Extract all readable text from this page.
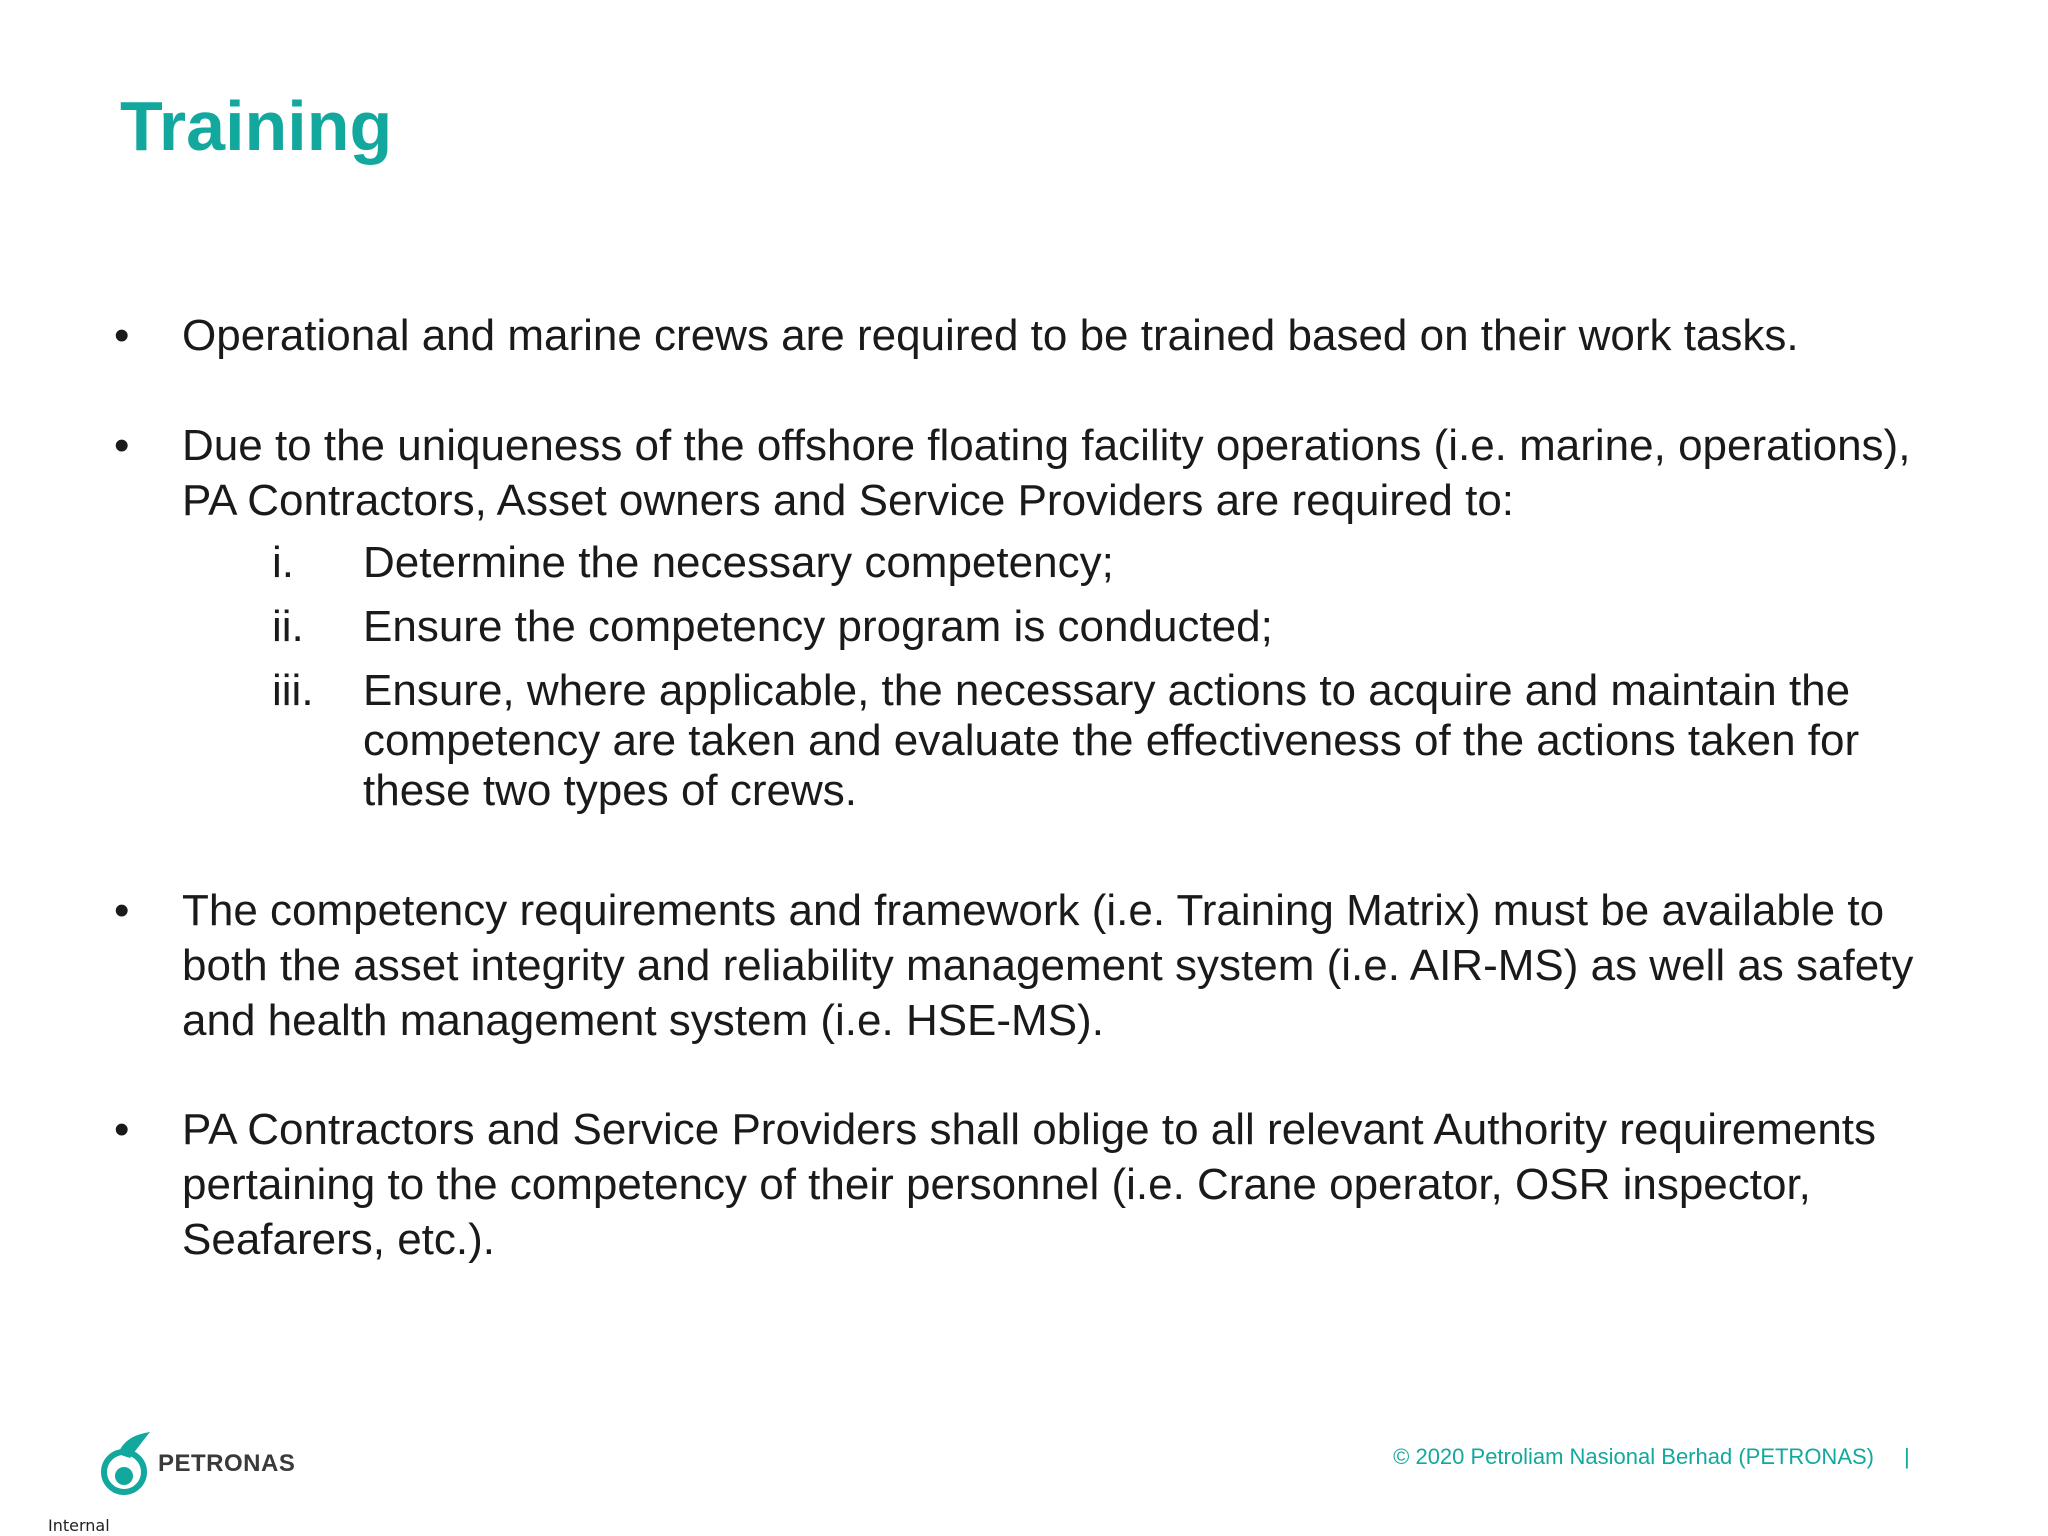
Training
• Operational and marine crews are required to be trained based on their work tasks.
• Due to the uniqueness of the offshore floating facility operations (i.e. marine, operations), PA Contractors, Asset owners and Service Providers are required to:
i. Determine the necessary competency;
ii. Ensure the competency program is conducted;
iii. Ensure, where applicable, the necessary actions to acquire and maintain the competency are taken and evaluate the effectiveness of the actions taken for these two types of crews.
• The competency requirements and framework (i.e. Training Matrix) must be available to both the asset integrity and reliability management system (i.e. AIR-MS) as well as safety and health management system (i.e. HSE-MS).
• PA Contractors and Service Providers shall oblige to all relevant Authority requirements pertaining to the competency of their personnel (i.e. Crane operator, OSR inspector, Seafarers, etc.).
PETRONAS	© 2020 Petroliam Nasional Berhad (PETRONAS) |
Internal
